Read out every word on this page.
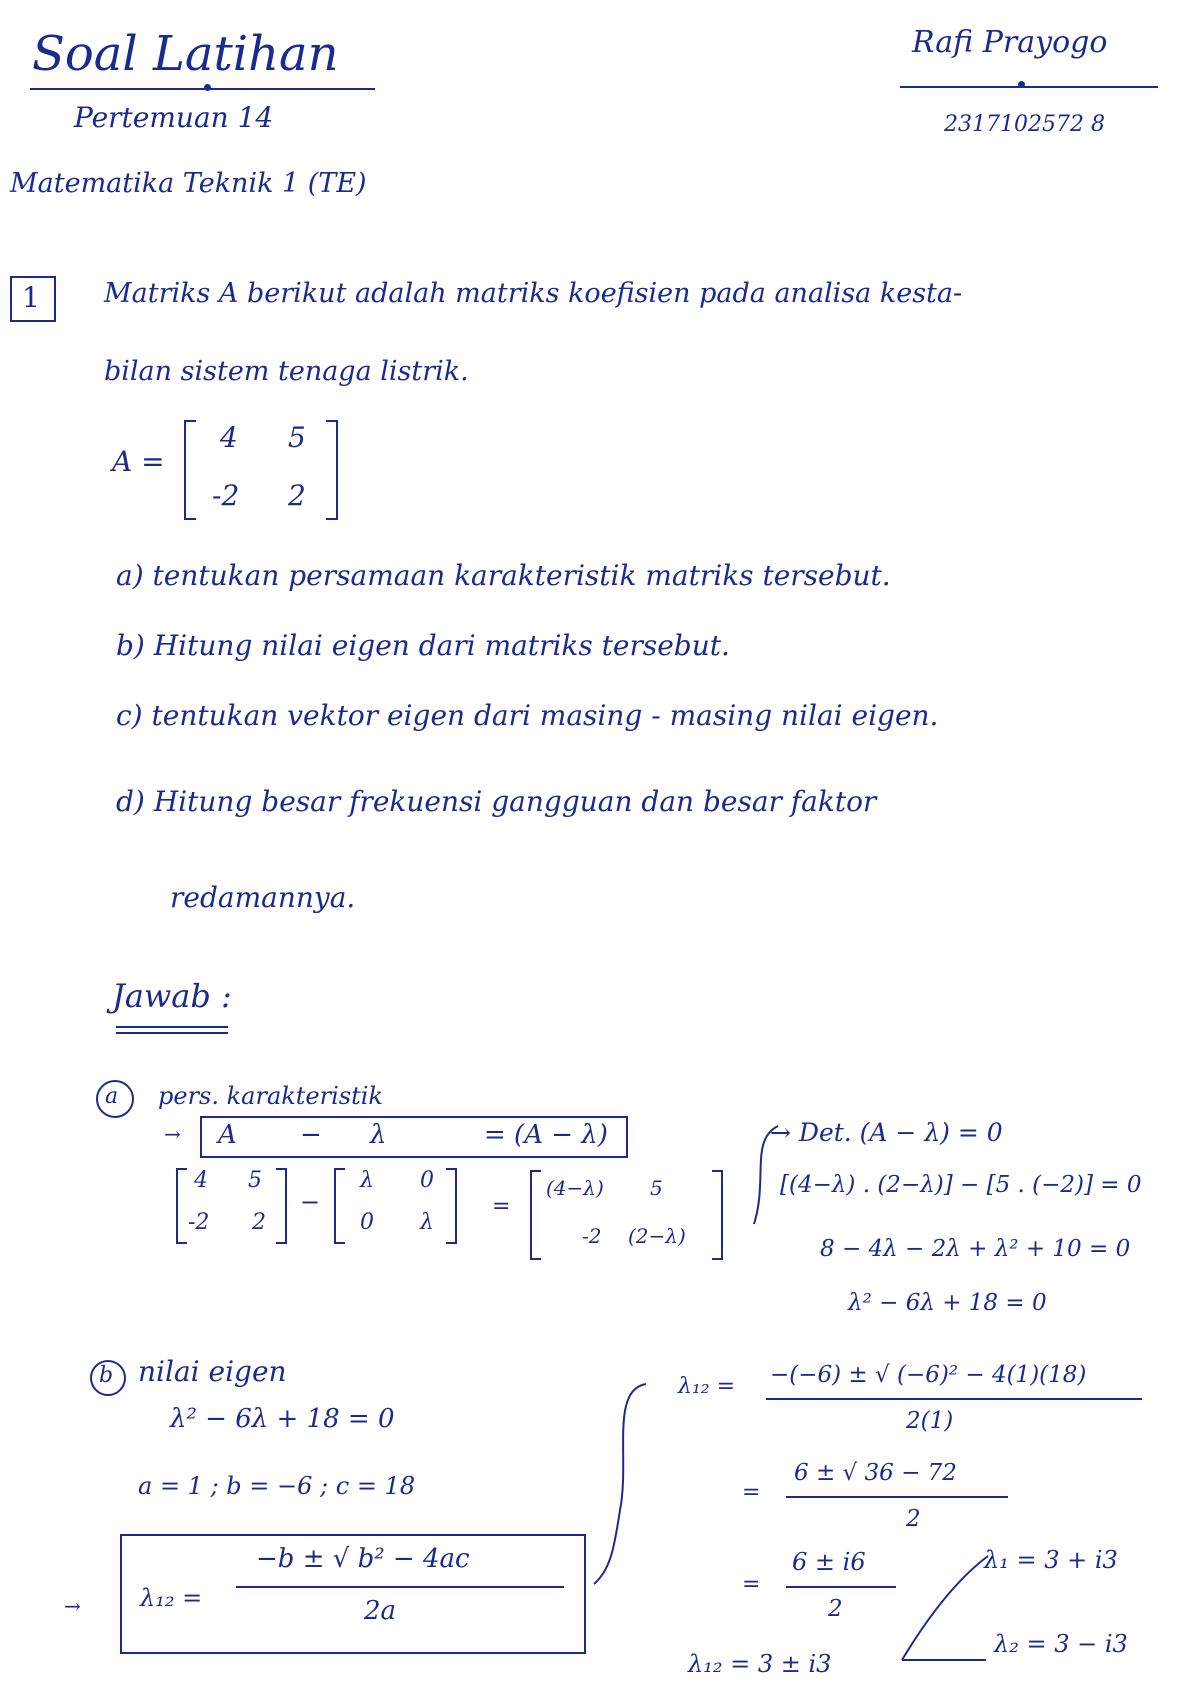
Soal Latihan
Pertemuan 14
Matematika Teknik 1 (TE)
Rafi Prayogo
2317102572 8
1 Matriks A berikut adalah matriks koefisien pada analisa kesta-
bilan sistem tenaga listrik.
A =
4 5
-2 2
a) tentukan persamaan karakteristik matriks tersebut.
b) Hitung nilai eigen dari matriks tersebut.
c) tentukan vektor eigen dari masing - masing nilai eigen.
d) Hitung besar frekuensi gangguan dan besar faktor
redamannya.
Jawab :
a pers. karakteristik
→ A − λ	= (A − λ)
4 5
-2 2
−
λ 0
0 λ
=
(4−λ) 5
-2 (2−λ)
→ Det. (A − λ) = 0
[(4−λ) . (2−λ)] − [5 . (−2)] = 0
8 − 4λ − 2λ + λ² + 10 = 0
λ² − 6λ + 18 = 0
b nilai eigen
λ² − 6λ + 18 = 0
a = 1 ; b = −6 ; c = 18
→ λ₁₂ =
−b ± √ b² − 4ac
2a
λ₁₂ = −(−6) ± √ (−6)² − 4(1)(18)
2(1)
=
6 ± √ 36 − 72
2
=
6 ± i6
2
λ₁₂ = 3 ± i3
λ₁ = 3 + i3
λ₂ = 3 − i3
